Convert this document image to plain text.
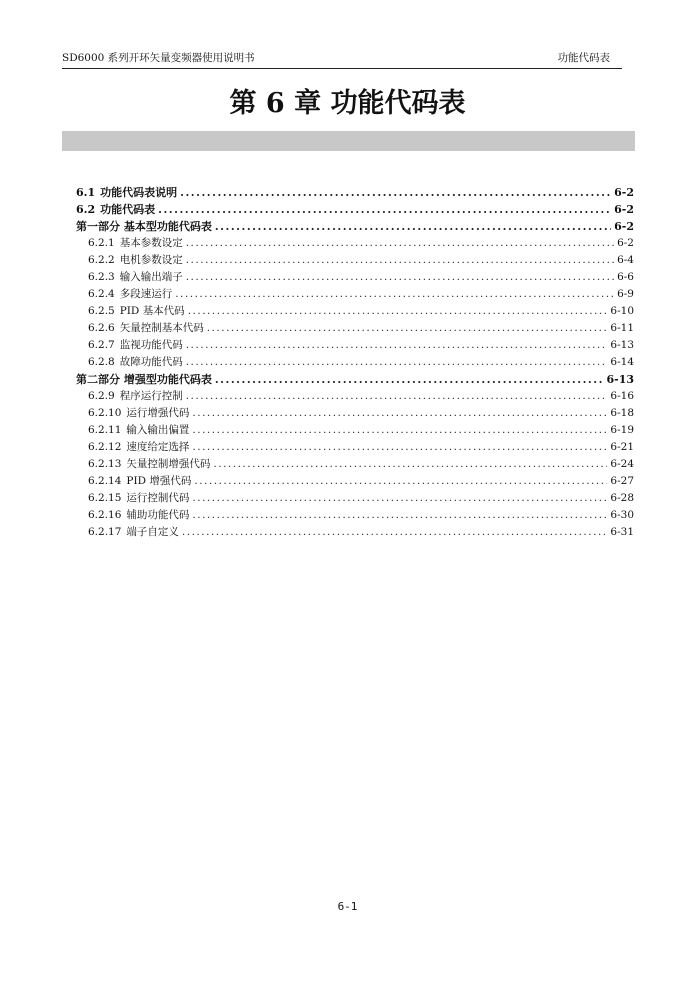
SD6000 系列开环矢量变频器使用说明书	功能代码表
第 6 章 功能代码表
6.1 功能代码表说明 .....	6-2
6.2 功能代码表 .....	6-2
第一部分 基本型功能代码表 .....	6-2
6.2.1 基本参数设定 .....	6-2
6.2.2 电机参数设定 .....	6-4
6.2.3 输入输出端子 .....	6-6
6.2.4 多段速运行 .....	6-9
6.2.5 PID 基本代码 .....	6-10
6.2.6 矢量控制基本代码 .....	6-11
6.2.7 监视功能代码 .....	6-13
6.2.8 故障功能代码 .....	6-14
第二部分 增强型功能代码表 .....	6-13
6.2.9 程序运行控制 .....	6-16
6.2.10 运行增强代码 .....	6-18
6.2.11 输入输出偏置 .....	6-19
6.2.12 速度给定选择 .....	6-21
6.2.13 矢量控制增强代码 .....	6-24
6.2.14 PID 增强代码 .....	6-27
6.2.15 运行控制代码 .....	6-28
6.2.16 辅助功能代码 .....	6-30
6.2.17 端子自定义 .....	6-31
6-1
